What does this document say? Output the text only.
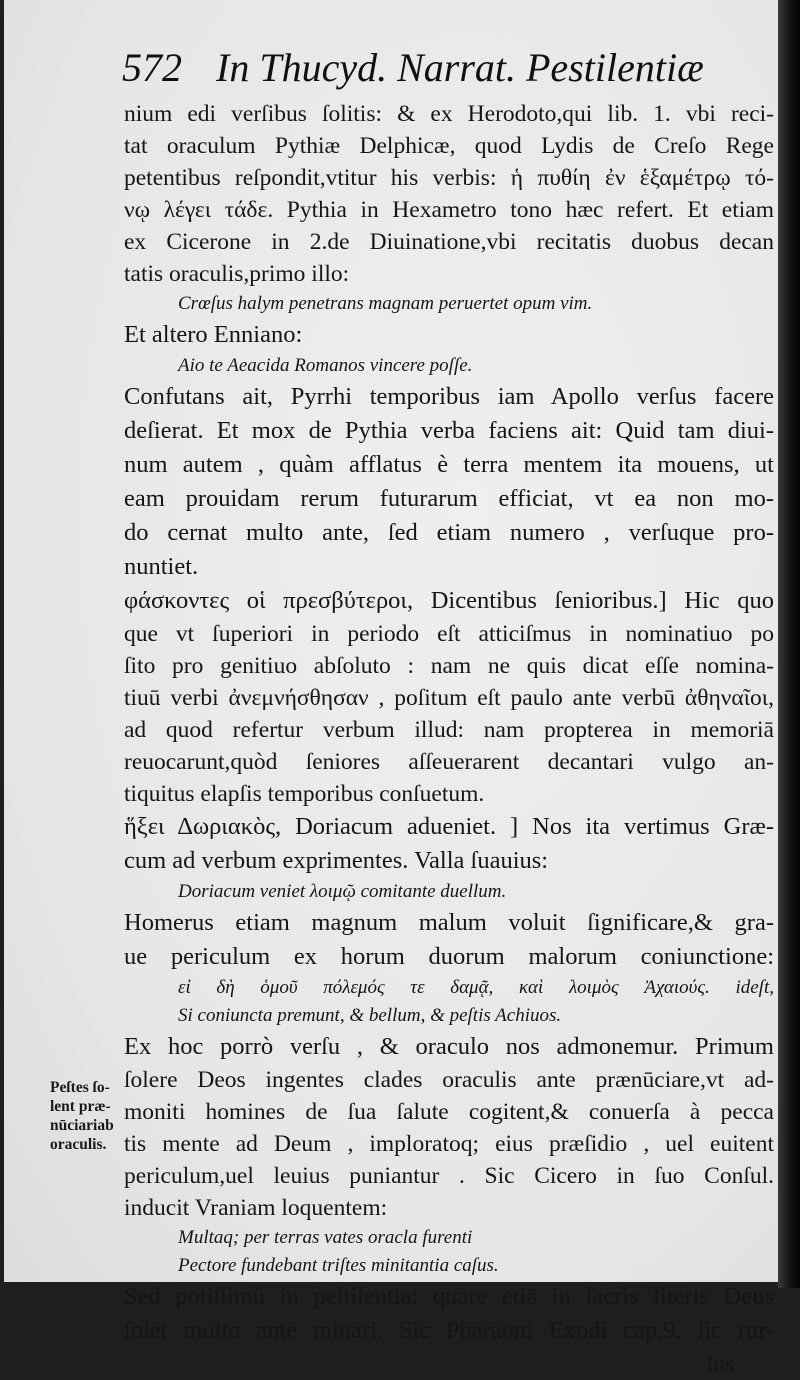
572 In Thucyd. Narrat. Pestilentiæ
nium edi verſibus ſolitis: & ex Herodoto,qui lib. 1. vbi reci-
tat oraculum Pythiæ Delphicæ, quod Lydis de Creſo Rege
petentibus reſpondit,vtitur his verbis: ἡ πυθίη ἐν ἑξαμέτρῳ τό-
νῳ λέγει τάδε. Pythia in Hexametro tono hæc refert. Et etiam
ex Cicerone in 2.de Diuinatione,vbi recitatis duobus decan
tatis oraculis,primo illo:
Crœſus halym penetrans magnam peruertet opum vim.
Et altero Enniano:
Aio te Aeacida Romanos vincere poſſe.
Confutans ait, Pyrrhi temporibus iam Apollo verſus facere
deſierat. Et mox de Pythia verba faciens ait: Quid tam diui-
num autem , quàm afflatus è terra mentem ita mouens, ut
eam prouidam rerum futurarum efficiat, vt ea non mo-
do cernat multo ante, ſed etiam numero , verſuque pro-
nuntiet.
φάσκοντες οἱ πρεσβύτεροι, Dicentibus ſenioribus.] Hic quo
que vt ſuperiori in periodo eſt atticiſmus in nominatiuo po
ſito pro genitiuo abſoluto : nam ne quis dicat eſſe nomina-
tiuū verbi ἀνεμνήσθησαν , poſitum eſt paulo ante verbū ἀθηναῖοι,
ad quod refertur verbum illud: nam propterea in memoriā
reuocarunt,quòd ſeniores aſſeuerarent decantari vulgo an-
tiquitus elapſis temporibus conſuetum.
ἥξει Δωριακὸς, Doriacum adueniet. ] Nos ita vertimus Græ-
cum ad verbum exprimentes. Valla ſuauius:
Doriacum veniet λοιμῷ comitante duellum.
Homerus etiam magnum malum voluit ſignificare,& gra-
ue periculum ex horum duorum malorum coniunctione:
εἰ δὴ ὁμοῦ πόλεμός τε δαμᾷ, καὶ λοιμὸς Ἀχαιούς. ideſt,
Si coniuncta premunt, & bellum, & peſtis Achiuos.
Ex hoc porrò verſu , & oraculo nos admonemur. Primum
ſolere Deos ingentes clades oraculis ante prænūciare,vt ad-
moniti homines de ſua ſalute cogitent,& conuerſa à pecca
tis mente ad Deum , imploratoq; eius præſidio , uel euitent
periculum,uel leuius puniantur . Sic Cicero in ſuo Conſul.
inducit Vraniam loquentem:
Multaq; per terras vates oracla furenti
Pectore fundebant triſtes minitantia caſus.
Sed potiſſimū in peſtilentia: quare etiā in ſacris literis Deus
ſolet multo ante minari. Sic Pharaoni Exodi cap.9. ſic rur-
ſus
Peſtes ſo-
lent præ-
nūciariab
oraculis.
